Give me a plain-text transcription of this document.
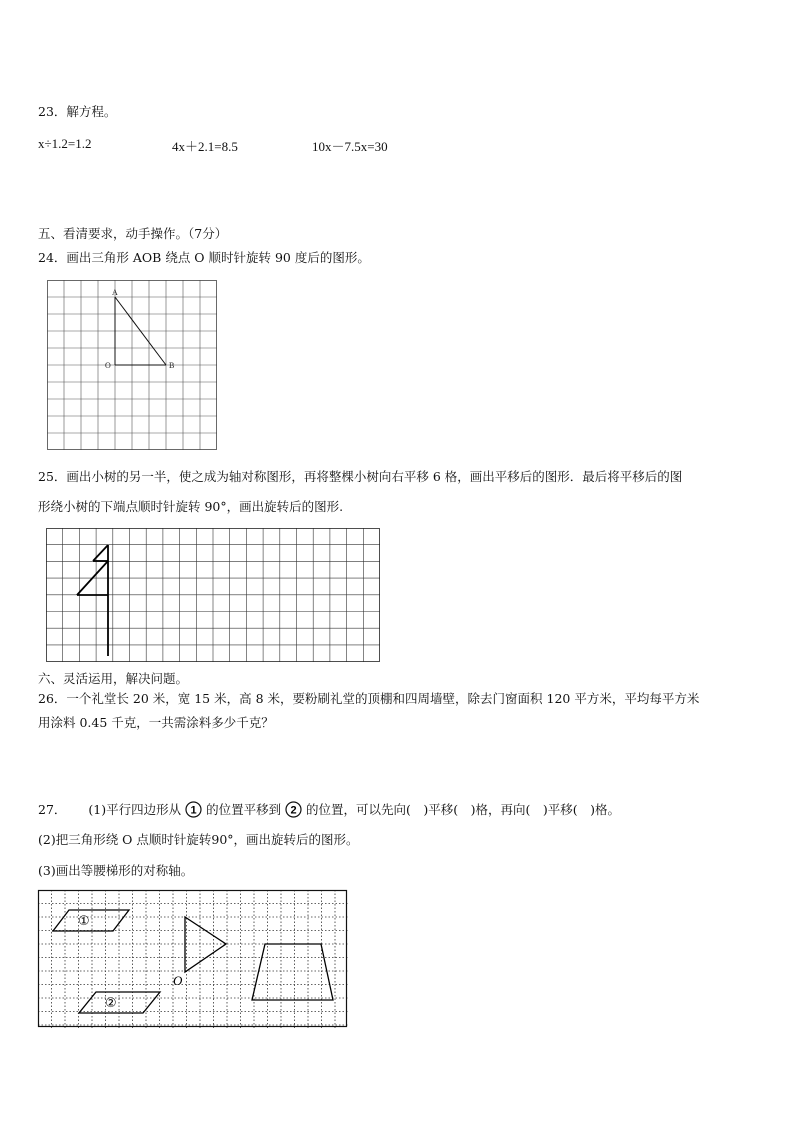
23．解方程。
x÷1.2=1.2	4x＋2.1=8.5	10x－7.5x=30
五、看清要求，动手操作。（7分）
24．画出三角形 AOB 绕点 O 顺时针旋转 90 度后的图形。
A
O	B
25．画出小树的另一半，使之成为轴对称图形，再将整棵小树向右平移 6 格，画出平移后的图形．最后将平移后的图
形绕小树的下端点顺时针旋转 90°，画出旋转后的图形.
六、灵活运用，解决问题。
26．一个礼堂长 20 米，宽 15 米，高 8 米，要粉刷礼堂的顶棚和四周墙壁，除去门窗面积 120 平方米，平均每平方米
用涂料 0.45 千克，一共需涂料多少千克？
27． (1)平行四边形从 1 的位置平移到 2 的位置，可以先向(　)平移(　)格，再向(　)平移(　)格。
(2)把三角形绕 O 点顺时针旋转90°，画出旋转后的图形。
(3)画出等腰梯形的对称轴。
①
②
O
